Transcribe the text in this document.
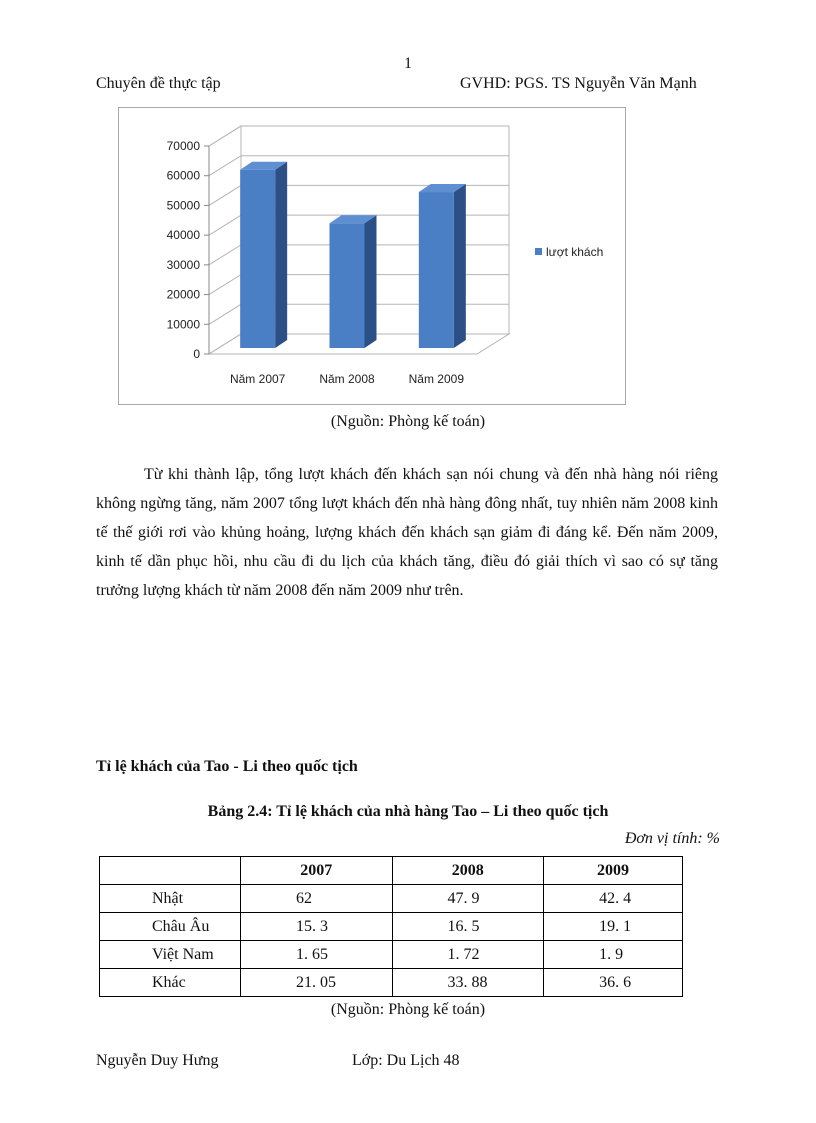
1
Chuyên đề thực tập	GVHD: PGS. TS Nguyễn Văn Mạnh
0
10000
20000
30000
40000
50000
60000
70000
Năm 2007	Năm 2008	Năm 2009
lượt khách
(Nguồn: Phòng kế toán)

Từ khi thành lập, tổng lượt khách đến khách sạn nói chung và đến nhà hàng nói riêng không ngừng tăng, năm 2007 tổng lượt khách đến nhà hàng đông nhất, tuy nhiên năm 2008 kinh tế thế giới rơi vào khủng hoảng, lượng khách đến khách sạn giảm đi đáng kể. Đến năm 2009, kinh tế dần phục hồi, nhu cầu đi du lịch của khách tăng, điều đó giải thích vì sao có sự tăng trưởng lượng khách từ năm 2008 đến năm 2009 như trên.

Tỉ lệ khách của Tao - Li theo quốc tịch
Bảng 2.4: Tỉ lệ khách của nhà hàng Tao – Li theo quốc tịch
Đơn vị tính: %
	2007	2008	2009
Nhật	62	47. 9	42. 4
Châu Âu	15. 3	16. 5	19. 1
Việt Nam	1. 65	1. 72	1. 9
Khác	21. 05	33. 88	36. 6
(Nguồn: Phòng kế toán)
Nguyễn Duy Hưng	Lớp: Du Lịch 48
